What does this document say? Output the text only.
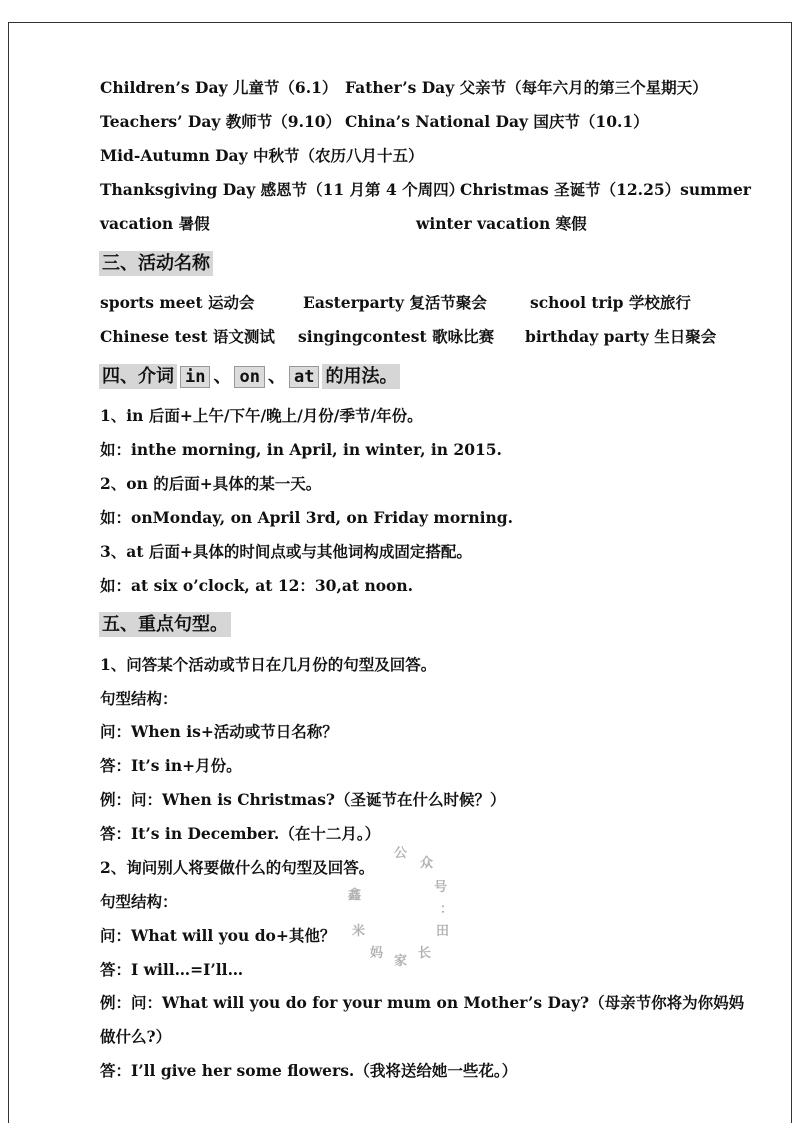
Children’s Day 儿童节（6.1） Father’s Day 父亲节（每年六月的第三个星期天）
Teachers’ Day 教师节（9.10） China’s National Day 国庆节（10.1）
Mid-Autumn Day 中秋节（农历八月十五）
Thanksgiving Day 感恩节（11 月第 4 个周四）
Christmas 圣诞节（12.25）summer
vacation 暑假	winter vacation 寒假
三、活动名称
sports meet 运动会	Easterparty 复活节聚会	school trip 学校旅行
Chinese test 语文测试 singingcontest 歌咏比赛 birthday party 生日聚会
四、介词 in 、 on 、 at 的用法。
1、in 后面+上午/下午/晚上/月份/季节/年份。
如：inthe morning, in April, in winter, in 2015.
2、on 的后面+具体的某一天。
如：onMonday, on April 3rd, on Friday morning.
3、at 后面+具体的时间点或与其他词构成固定搭配。
如：at six o’clock, at 12：30,at noon.
五、重点句型。
1、问答某个活动或节日在几月份的句型及回答。
句型结构：
问：When is+活动或节日名称？
答：It’s in+月份。
例：问：When is Christmas?（圣诞节在什么时候？）
答：It’s in December.（在十二月。）
2、询问别人将要做什么的句型及回答。
句型结构：
问：What will you do+其他？
答：I will…=I’ll…
例：问：What will you do for your mum on Mother’s Day?（母亲节你将为你妈妈
做什么?）
答：I’ll give her some flowers.（我将送给她一些花。）
公
众
号
：
田
长
家
妈
米
鑫
